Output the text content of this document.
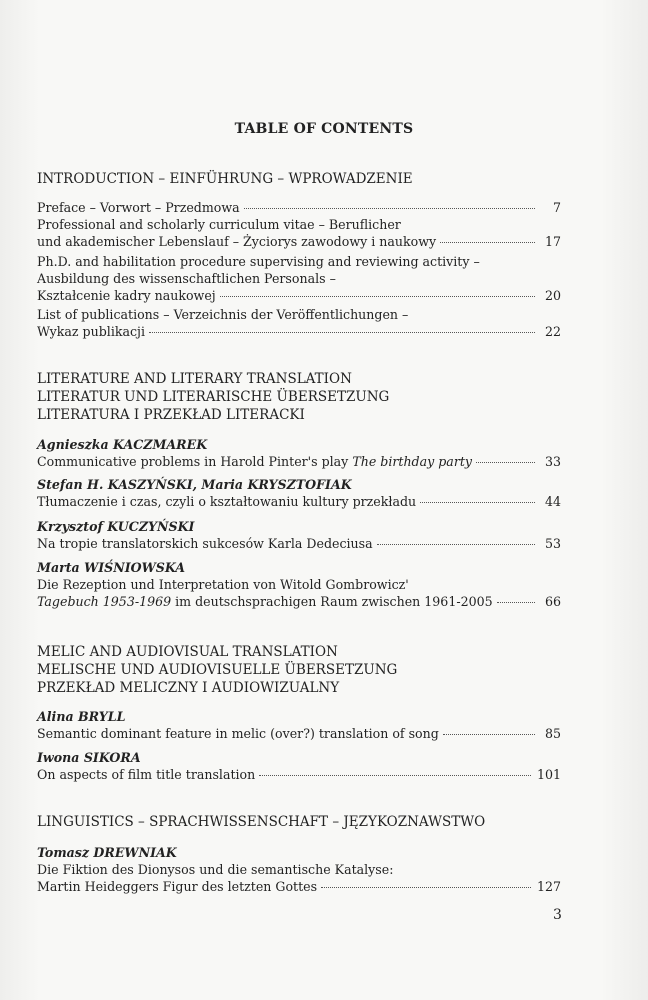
TABLE OF CONTENTS
INTRODUCTION – EINFÜHRUNG – WPROWADZENIE
Preface – Vorwort – Przedmowa	7
Professional and scholarly curriculum vitae – Beruflicher
und akademischer Lebenslauf – Życiorys zawodowy i naukowy	17
Ph.D. and habilitation procedure supervising and reviewing activity –
Ausbildung des wissenschaftlichen Personals –
Kształcenie kadry naukowej	20
List of publications – Verzeichnis der Veröffentlichungen –
Wykaz publikacji	22
LITERATURE AND LITERARY TRANSLATION
LITERATUR UND LITERARISCHE ÜBERSETZUNG
LITERATURA I PRZEKŁAD LITERACKI
Agnieszka KACZMAREK
Communicative problems in Harold Pinter's play The birthday party	33
Stefan H. KASZYŃSKI, Maria KRYSZTOFIAK
Tłumaczenie i czas, czyli o kształtowaniu kultury przekładu	44
Krzysztof KUCZYŃSKI
Na tropie translatorskich sukcesów Karla Dedeciusa	53
Marta WIŚNIOWSKA
Die Rezeption und Interpretation von Witold Gombrowicz'
Tagebuch 1953-1969 im deutschsprachigen Raum zwischen 1961-2005	66
MELIC AND AUDIOVISUAL TRANSLATION
MELISCHE UND AUDIOVISUELLE ÜBERSETZUNG
PRZEKŁAD MELICZNY I AUDIOWIZUALNY
Alina BRYLL
Semantic dominant feature in melic (over?) translation of song	85
Iwona SIKORA
On aspects of film title translation	101
LINGUISTICS – SPRACHWISSENSCHAFT – JĘZYKOZNAWSTWO
Tomasz DREWNIAK
Die Fiktion des Dionysos und die semantische Katalyse:
Martin Heideggers Figur des letzten Gottes	127
3
